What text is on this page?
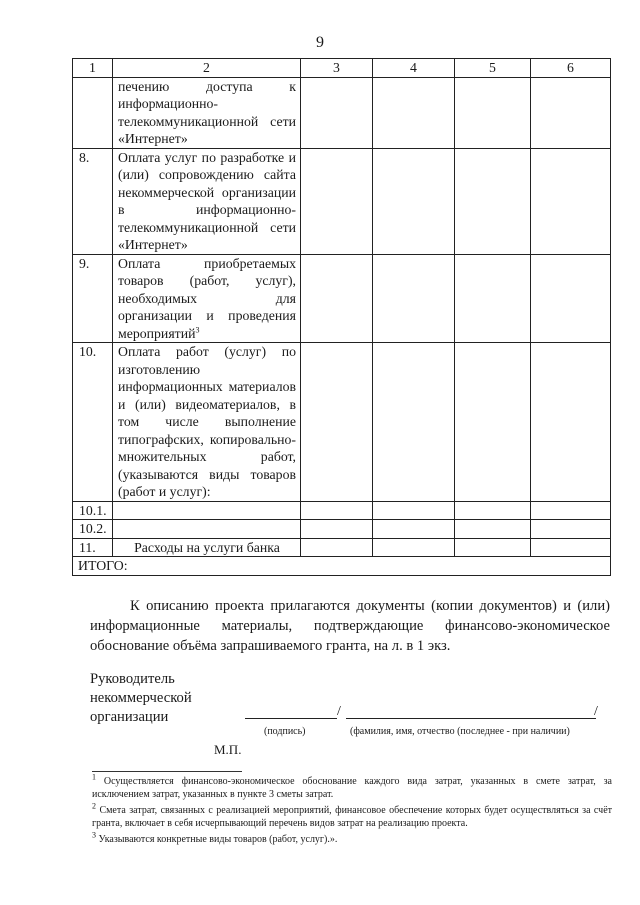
9
1	2	3	4	5	6
	печению доступа к информационно-телекоммуникационной сети «Интернет»				
8.	Оплата услуг по разработке и (или) сопровождению сайта некоммерческой организации в информационно-телекоммуникационной сети «Интернет»				
9.	Оплата приобретаемых товаров (работ, услуг), необходимых для организации и проведения мероприятий$^3$				
10.	Оплата работ (услуг) по изготовлению информационных материалов и (или) видеоматериалов, в том числе выполнение типографских, копировально-множительных работ, (указываются виды товаров (работ и услуг):				
10.1.					
10.2.					
11.	Расходы на услуги банка				
ИТОГО:					
К описанию проекта прилагаются документы (копии документов) и (или) информационные материалы, подтверждающие финансово-экономическое обоснование объёма запрашиваемого гранта, на л. в 1 экз.
Руководитель
некоммерческой
организации	/	/
(подпись)	(фамилия, имя, отчество (последнее - при наличии)
М.П.

$^1$ Осуществляется финансово-экономическое обоснование каждого вида затрат, указанных в смете затрат, за исключением затрат, указанных в пункте 3 сметы затрат.

$^2$ Смета затрат, связанных с реализацией мероприятий, финансовое обеспечение которых будет осуществляться за счёт гранта, включает в себя исчерпывающий перечень видов затрат на реализацию проекта.

$^3$ Указываются конкретные виды товаров (работ, услуг).».
